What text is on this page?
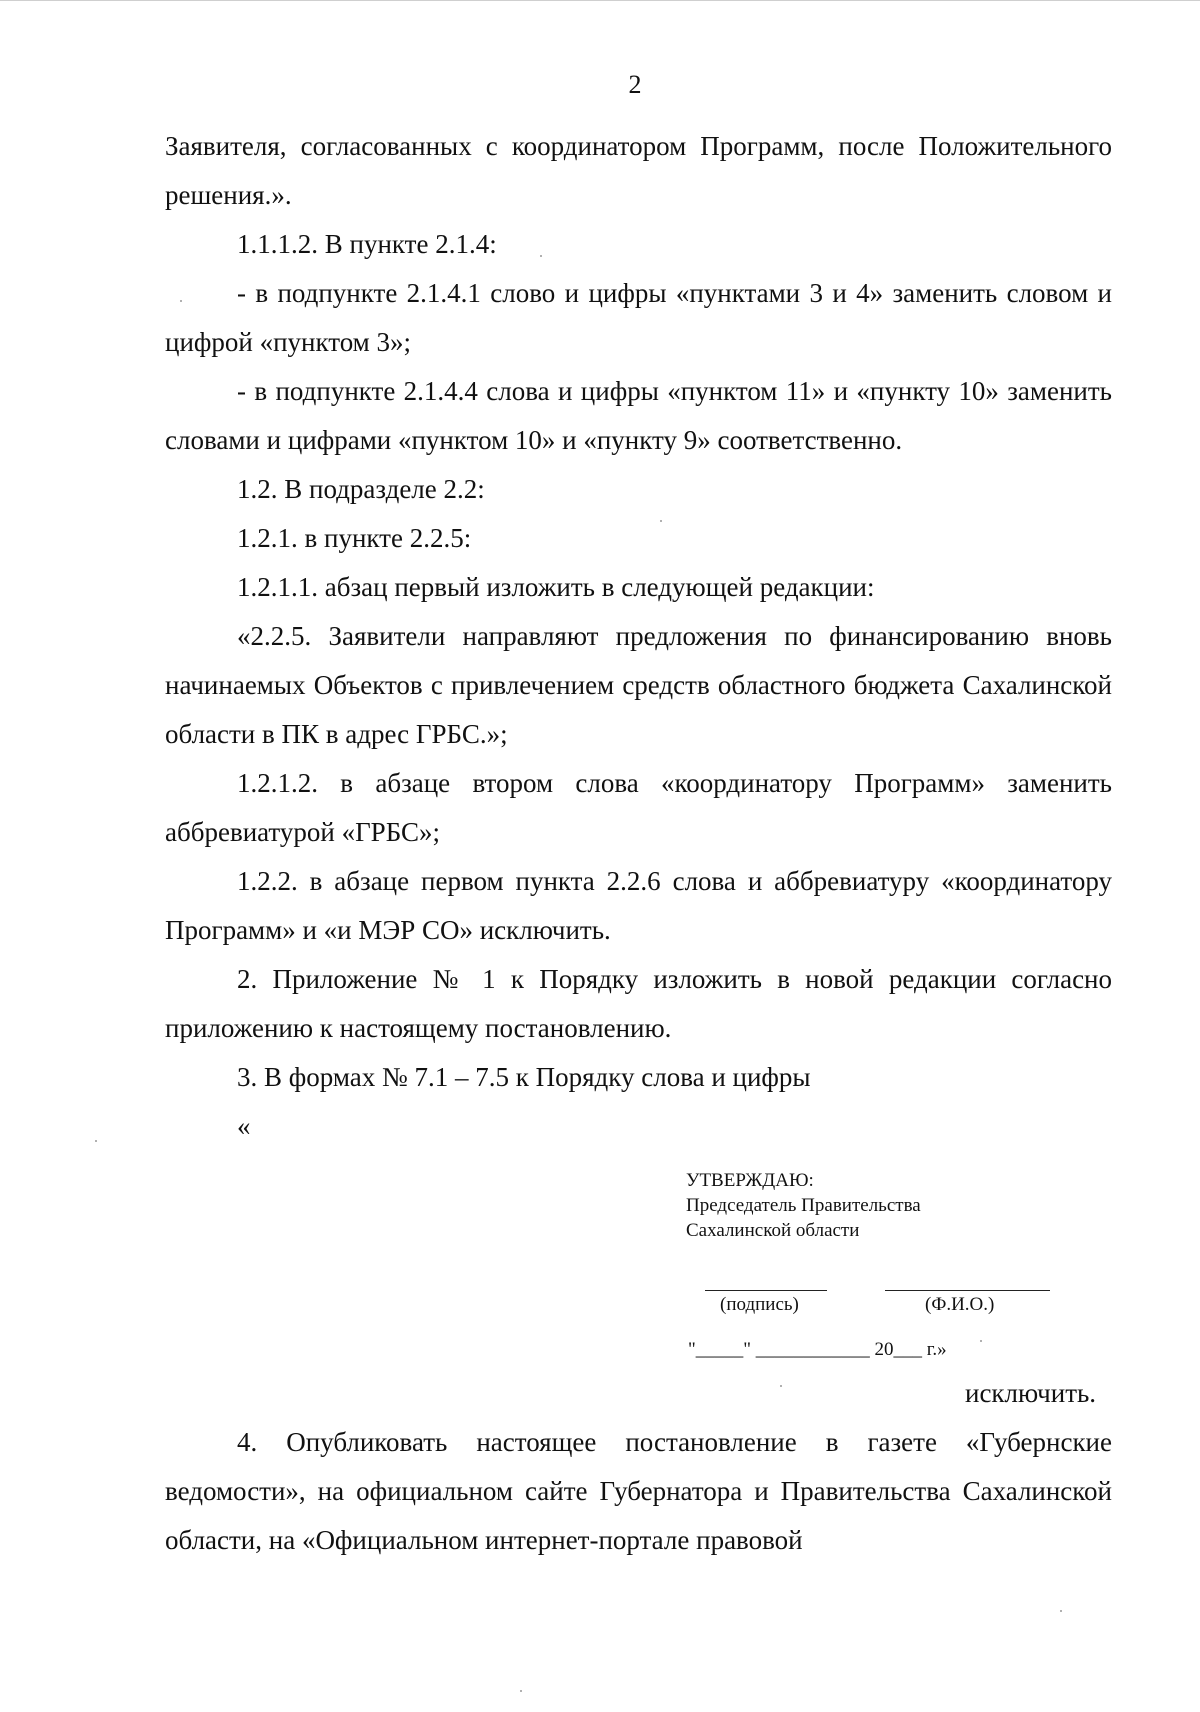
2

Заявителя, согласованных с координатором Программ, после Положительного решения.».

1.1.1.2. В пункте 2.1.4:

- в подпункте 2.1.4.1 слово и цифры «пунктами 3 и 4» заменить словом и цифрой «пунктом 3»;

- в подпункте 2.1.4.4 слова и цифры «пунктом 11» и «пункту 10» заменить словами и цифрами «пунктом 10» и «пункту 9» соответственно.

1.2. В подразделе 2.2:

1.2.1. в пункте 2.2.5:

1.2.1.1. абзац первый изложить в следующей редакции:

«2.2.5. Заявители направляют предложения по финансированию вновь начинаемых Объектов с привлечением средств областного бюджета Сахалинской области в ПК в адрес ГРБС.»;

1.2.1.2. в абзаце втором слова «координатору Программ» заменить аббревиатурой «ГРБС»;

1.2.2. в абзаце первом пункта 2.2.6 слова и аббревиатуру «координатору Программ» и «и МЭР СО» исключить.

2. Приложение № 1 к Порядку изложить в новой редакции согласно приложению к настоящему постановлению.

3. В формах № 7.1 – 7.5 к Порядку слова и цифры

«

УТВЕРЖДАЮ:

Председатель Правительства

Сахалинской области

(подпись)	(Ф.И.О.)
"_____" ____________ 20___ г.»
исключить.

4. Опубликовать настоящее постановление в газете «Губернские ведомости», на официальном сайте Губернатора и Правительства Сахалинской области, на «Официальном интернет-портале правовой
